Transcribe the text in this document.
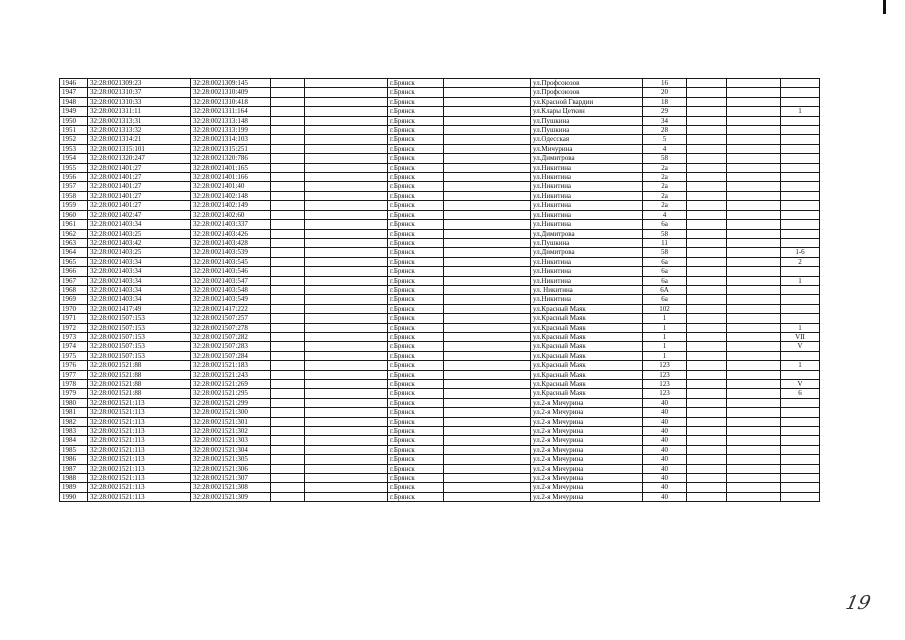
1946	32:28:0021309:23	32:28:0021309:145			г.Брянск		ул.Профсоюзов	16			
1947	32:28:0021310:37	32:28:0021310:409			г.Брянск		ул.Профсоюзов	20			
1948	32:28:0021310:33	32:28:0021310:418			г.Брянск		ул.Красной Гвардии	18			
1949	32:28:0021311:11	32:28:0021311:164			г.Брянск		ул.Клары Цеткин	29			1
1950	32:28:0021313:31	32:28:0021313:148			г.Брянск		ул.Пушкина	34			
1951	32:28:0021313:32	32:28:0021313:199			г.Брянск		ул.Пушкина	28			
1952	32:28:0021314:21	32:28:0021314:103			г.Брянск		ул.Одесская	5			
1953	32:28:0021315:101	32:28:0021315:251			г.Брянск		ул.Мичурина	4			
1954	32:28:0021320:247	32:28:0021320:786			г.Брянск		ул.Димитрова	58			
1955	32:28:0021401:27	32:28:0021401:165			г.Брянск		ул.Никитина	2а			
1956	32:28:0021401:27	32:28:0021401:166			г.Брянск		ул.Никитина	2а			
1957	32:28:0021401:27	32:28:0021401:40			г.Брянск		ул.Никитина	2а			
1958	32:28:0021401:27	32:28:0021402:148			г.Брянск		ул.Никитина	2а			
1959	32:28:0021401:27	32:28:0021402:149			г.Брянск		ул.Никитина	2а			
1960	32:28:0021402:47	32:28:0021402:60			г.Брянск		ул.Никитина	4			
1961	32:28:0021403:34	32:28:0021403:337			г.Брянск		ул.Никитина	6а			
1962	32:28:0021403:25	32:28:0021403:426			г.Брянск		ул.Димитрова	58			
1963	32:28:0021403:42	32:28:0021403:428			г.Брянск		ул.Пушкина	11			
1964	32:28:0021403:25	32:28:0021403:539			г.Брянск		ул.Димитрова	58			1-6
1965	32:28:0021403:34	32:28:0021403:545			г.Брянск		ул.Никитина	6а			2
1966	32:28:0021403:34	32:28:0021403:546			г.Брянск		ул.Никитина	6а			
1967	32:28:0021403:34	32:28:0021403:547			г.Брянск		ул.Никитина	6а			1
1968	32:28:0021403:34	32:28:0021403:548			г.Брянск		ул. Никитина	6А			
1969	32:28:0021403:34	32:28:0021403:549			г.Брянск		ул.Никитина	6а			
1970	32:28:0021417:49	32:28:0021417:222			г.Брянск		ул.Красный Маяк	102			
1971	32:28:0021507:153	32:28:0021507:257			г.Брянск		ул.Красный Маяк	1			
1972	32:28:0021507:153	32:28:0021507:278			г.Брянск		ул.Красный Маяк	1			1
1973	32:28:0021507:153	32:28:0021507:282			г.Брянск		ул.Красный Маяк	1			VII
1974	32:28:0021507:153	32:28:0021507:283			г.Брянск		ул.Красный Маяк	1			V
1975	32:28:0021507:153	32:28:0021507:284			г.Брянск		ул.Красный Маяк	1			
1976	32:28:0021521:88	32:28:0021521:183			г.Брянск		ул.Красный Маяк	123			1
1977	32:28:0021521:88	32:28:0021521:243			г.Брянск		ул.Красный Маяк	123			
1978	32:28:0021521:88	32:28:0021521:269			г.Брянск		ул.Красный Маяк	123			V
1979	32:28:0021521:88	32:28:0021521:295			г.Брянск		ул.Красный Маяк	123			6
1980	32:28:0021521:113	32:28:0021521:299			г.Брянск		ул.2-я Мичурина	40			
1981	32:28:0021521:113	32:28:0021521:300			г.Брянск		ул.2-я Мичурина	40			
1982	32:28:0021521:113	32:28:0021521:301			г.Брянск		ул.2-я Мичурина	40			
1983	32:28:0021521:113	32:28:0021521:302			г.Брянск		ул.2-я Мичурина	40			
1984	32:28:0021521:113	32:28:0021521:303			г.Брянск		ул.2-я Мичурина	40			
1985	32:28:0021521:113	32:28:0021521:304			г.Брянск		ул.2-я Мичурина	40			
1986	32:28:0021521:113	32:28:0021521:305			г.Брянск		ул.2-я Мичурина	40			
1987	32:28:0021521:113	32:28:0021521:306			г.Брянск		ул.2-я Мичурина	40			
1988	32:28:0021521:113	32:28:0021521:307			г.Брянск		ул.2-я Мичурина	40			
1989	32:28:0021521:113	32:28:0021521:308			г.Брянск		ул.2-я Мичурина	40			
1990	32:28:0021521:113	32:28:0021521:309			г.Брянск		ул.2-я Мичурина	40			
19
